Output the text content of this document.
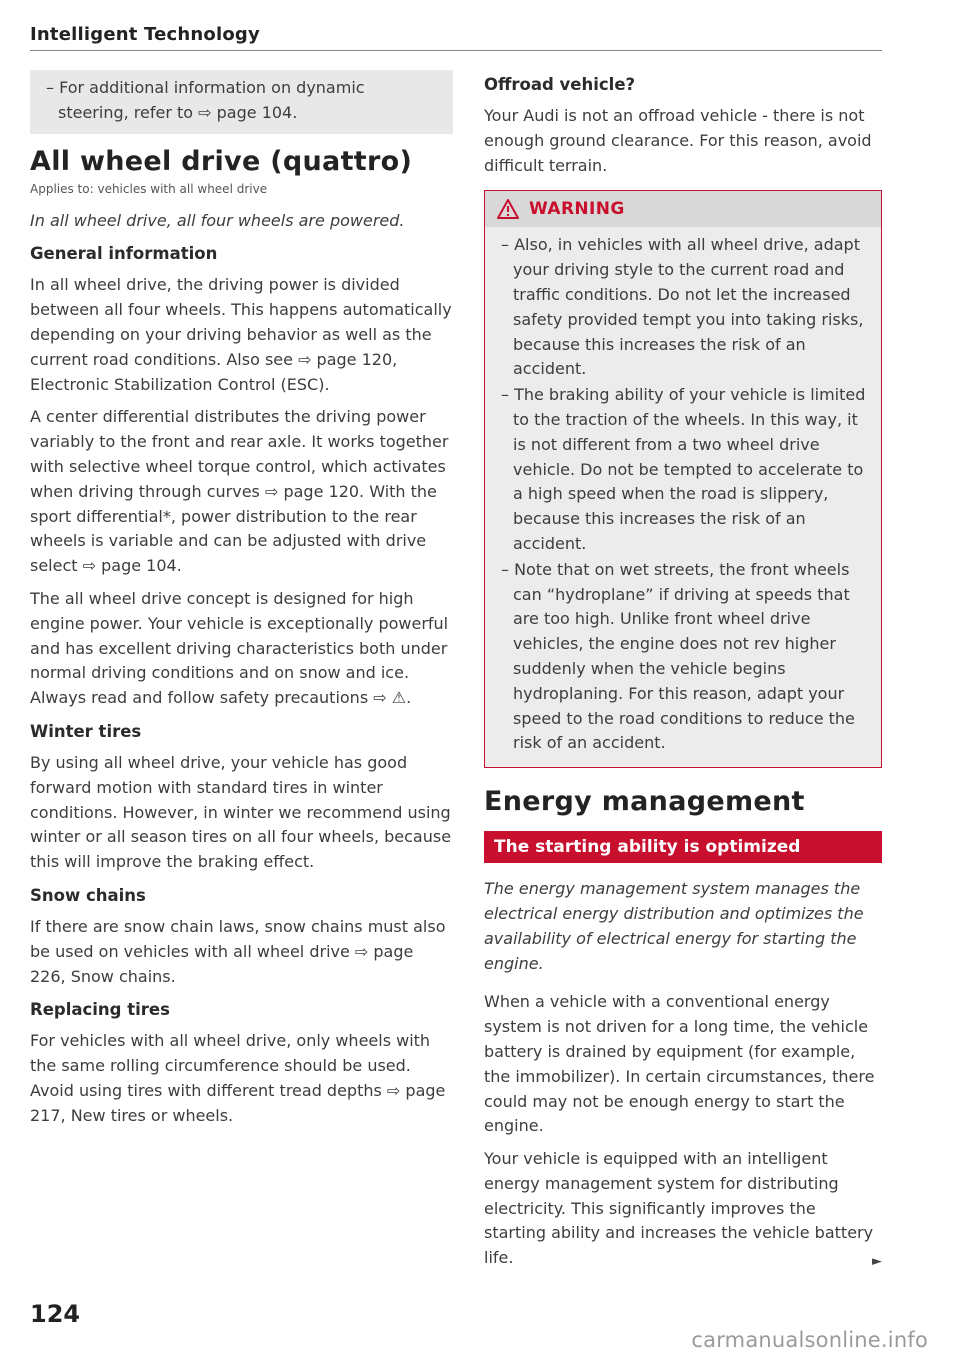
Intelligent Technology
– For additional information on dynamic steering, refer to ⇨ page 104.
All wheel drive (quattro)
Applies to: vehicles with all wheel drive

In all wheel drive, all four wheels are powered.

General information

In all wheel drive, the driving power is divided between all four wheels. This happens automatically depending on your driving behavior as well as the current road conditions. Also see ⇨ page 120, Electronic Stabilization Control (ESC).

A center differential distributes the driving power variably to the front and rear axle. It works together with selective wheel torque control, which activates when driving through curves ⇨ page 120. With the sport differential*, power distribution to the rear wheels is variable and can be adjusted with drive select ⇨ page 104.

The all wheel drive concept is designed for high engine power. Your vehicle is exceptionally powerful and has excellent driving characteristics both under normal driving conditions and on snow and ice. Always read and follow safety precautions ⇨ ⚠.

Winter tires

By using all wheel drive, your vehicle has good forward motion with standard tires in winter conditions. However, in winter we recommend using winter or all season tires on all four wheels, because this will improve the braking effect.

Snow chains

If there are snow chain laws, snow chains must also be used on vehicles with all wheel drive ⇨ page 226, Snow chains.

Replacing tires

For vehicles with all wheel drive, only wheels with the same rolling circumference should be used. Avoid using tires with different tread depths ⇨ page 217, New tires or wheels.

Offroad vehicle?

Your Audi is not an offroad vehicle - there is not enough ground clearance. For this reason, avoid difficult terrain.

WARNING
– Also, in vehicles with all wheel drive, adapt your driving style to the current road and traffic conditions. Do not let the increased safety provided tempt you into taking risks, because this increases the risk of an accident.
– The braking ability of your vehicle is limited to the traction of the wheels. In this way, it is not different from a two wheel drive vehicle. Do not be tempted to accelerate to a high speed when the road is slippery, because this increases the risk of an accident.
– Note that on wet streets, the front wheels can “hydroplane” if driving at speeds that are too high. Unlike front wheel drive vehicles, the engine does not rev higher suddenly when the vehicle begins hydroplaning. For this reason, adapt your speed to the road conditions to reduce the risk of an accident.
Energy management
The starting ability is optimized

The energy management system manages the electrical energy distribution and optimizes the availability of electrical energy for starting the engine.

When a vehicle with a conventional energy system is not driven for a long time, the vehicle battery is drained by equipment (for example, the immobilizer). In certain circumstances, there could may not be enough energy to start the engine.

Your vehicle is equipped with an intelligent energy management system for distributing electricity. This significantly improves the starting ability and increases the vehicle battery life.	►

124
carmanualsonline.info
